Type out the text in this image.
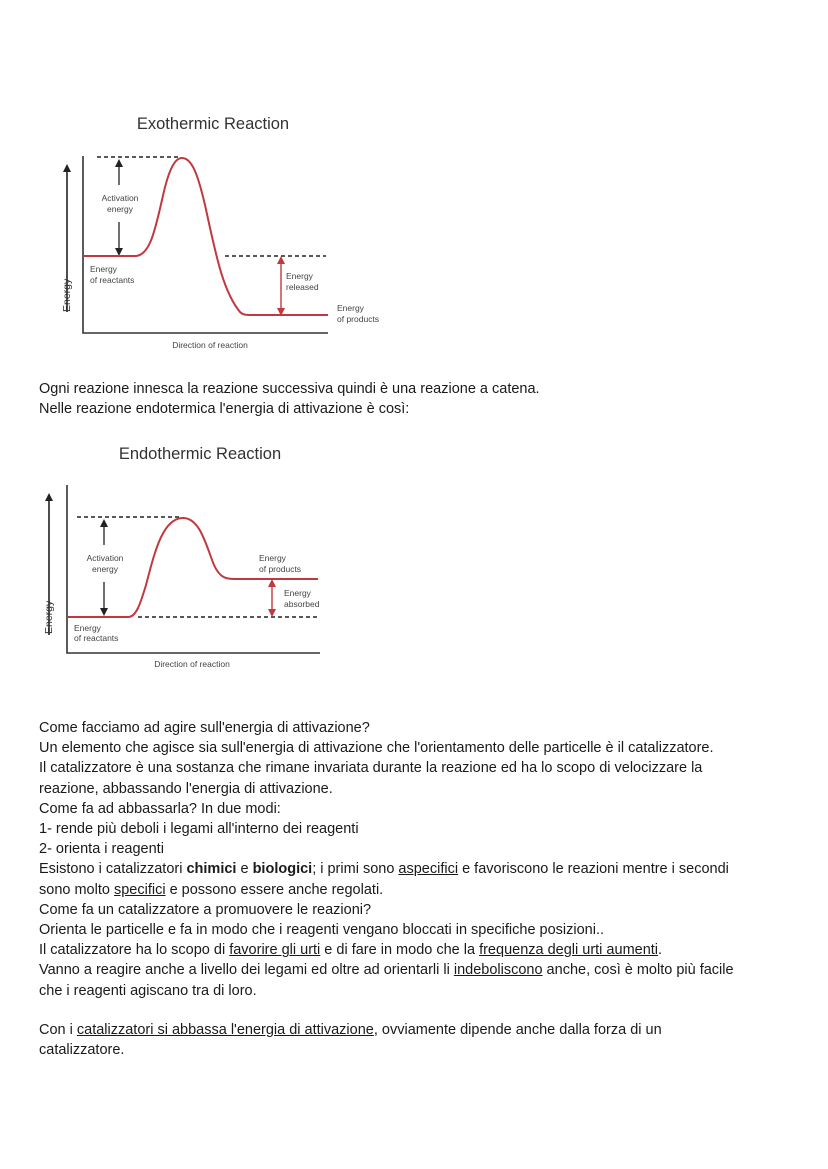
Exothermic Reaction
Energy
Activation
energy
Energy
of reactants	Energy
released
Energy
of products
Direction of reaction

Ogni reazione innesca la reazione successiva quindi è una reazione a catena.

Nelle reazione endotermica l'energia di attivazione è così:

Endothermic Reaction
Energy
Activation
energy
Energy
of reactants
Energy
absorbed
Energy
of products
Direction of reaction

Come facciamo ad agire sull'energia di attivazione?

Un elemento che agisce sia sull'energia di attivazione che l'orientamento delle particelle è il catalizzatore.

Il catalizzatore è una sostanza che rimane invariata durante la reazione ed ha lo scopo di velocizzare la

reazione, abbassando l'energia di attivazione.

Come fa ad abbassarla? In due modi:

1- rende più deboli i legami all'interno dei reagenti

2- orienta i reagenti

Esistono i catalizzatori chimici e biologici; i primi sono aspecifici e favoriscono le reazioni mentre i secondi

sono molto specifici e possono essere anche regolati.

Come fa un catalizzatore a promuovere le reazioni?

Orienta le particelle e fa in modo che i reagenti vengano bloccati in specifiche posizioni..

Il catalizzatore ha lo scopo di favorire gli urti e di fare in modo che la frequenza degli urti aumenti.

Vanno a reagire anche a livello dei legami ed oltre ad orientarli li indeboliscono anche, così è molto più facile

che i reagenti agiscano tra di loro.

Con i catalizzatori si abbassa l'energia di attivazione, ovviamente dipende anche dalla forza di un

catalizzatore.
